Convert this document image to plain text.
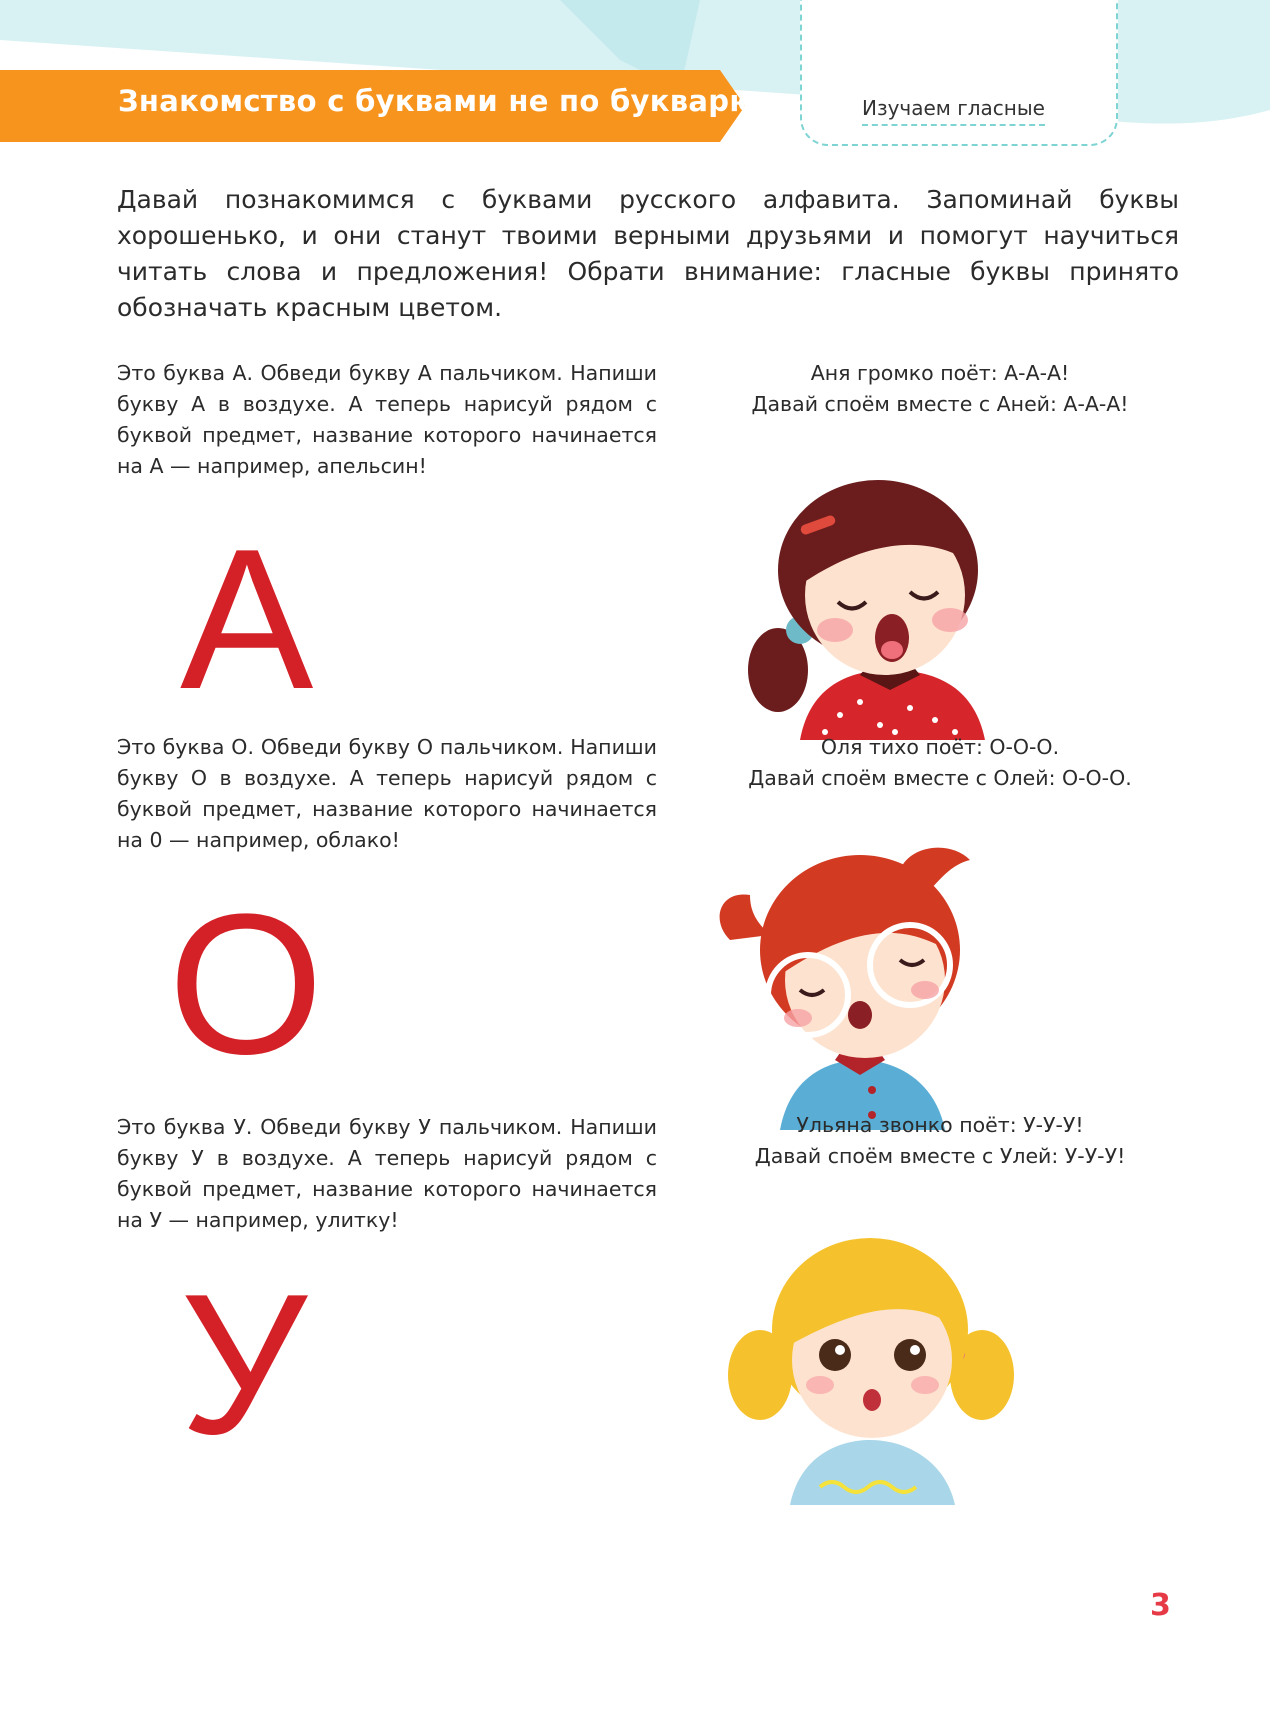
Знакомство с буквами не по букварю	Изучаем гласные

Давай познакомимся с буквами русского алфавита. Запоминай буквы хорошенько, и они станут твоими верными друзьями и помогут научиться читать слова и предложения! Обрати внимание: гласные буквы принято обозначать красным цветом.

Это буква А. Обведи букву А пальчиком. Напиши букву А в воздухе. А теперь нарисуй рядом с буквой предмет, название которого начинается на А — например, апельсин!

А

Аня громко поёт: А-А-А!

Давай споём вместе с Аней: А-А-А!

Это буква О. Обведи букву О пальчиком. Напиши букву О в воздухе. А теперь нарисуй рядом с буквой предмет, название которого начинается на 0 — например, облако!

О

Оля тихо поёт: О-О-О.

Давай споём вместе с Олей: О-О-О.

Это буква У. Обведи букву У пальчиком. Напиши букву У в воздухе. А теперь нарисуй рядом с буквой предмет, название которого начинается на У — например, улитку!

У

Ульяна звонко поёт: У-У-У!

Давай споём вместе с Улей: У-У-У!

3
